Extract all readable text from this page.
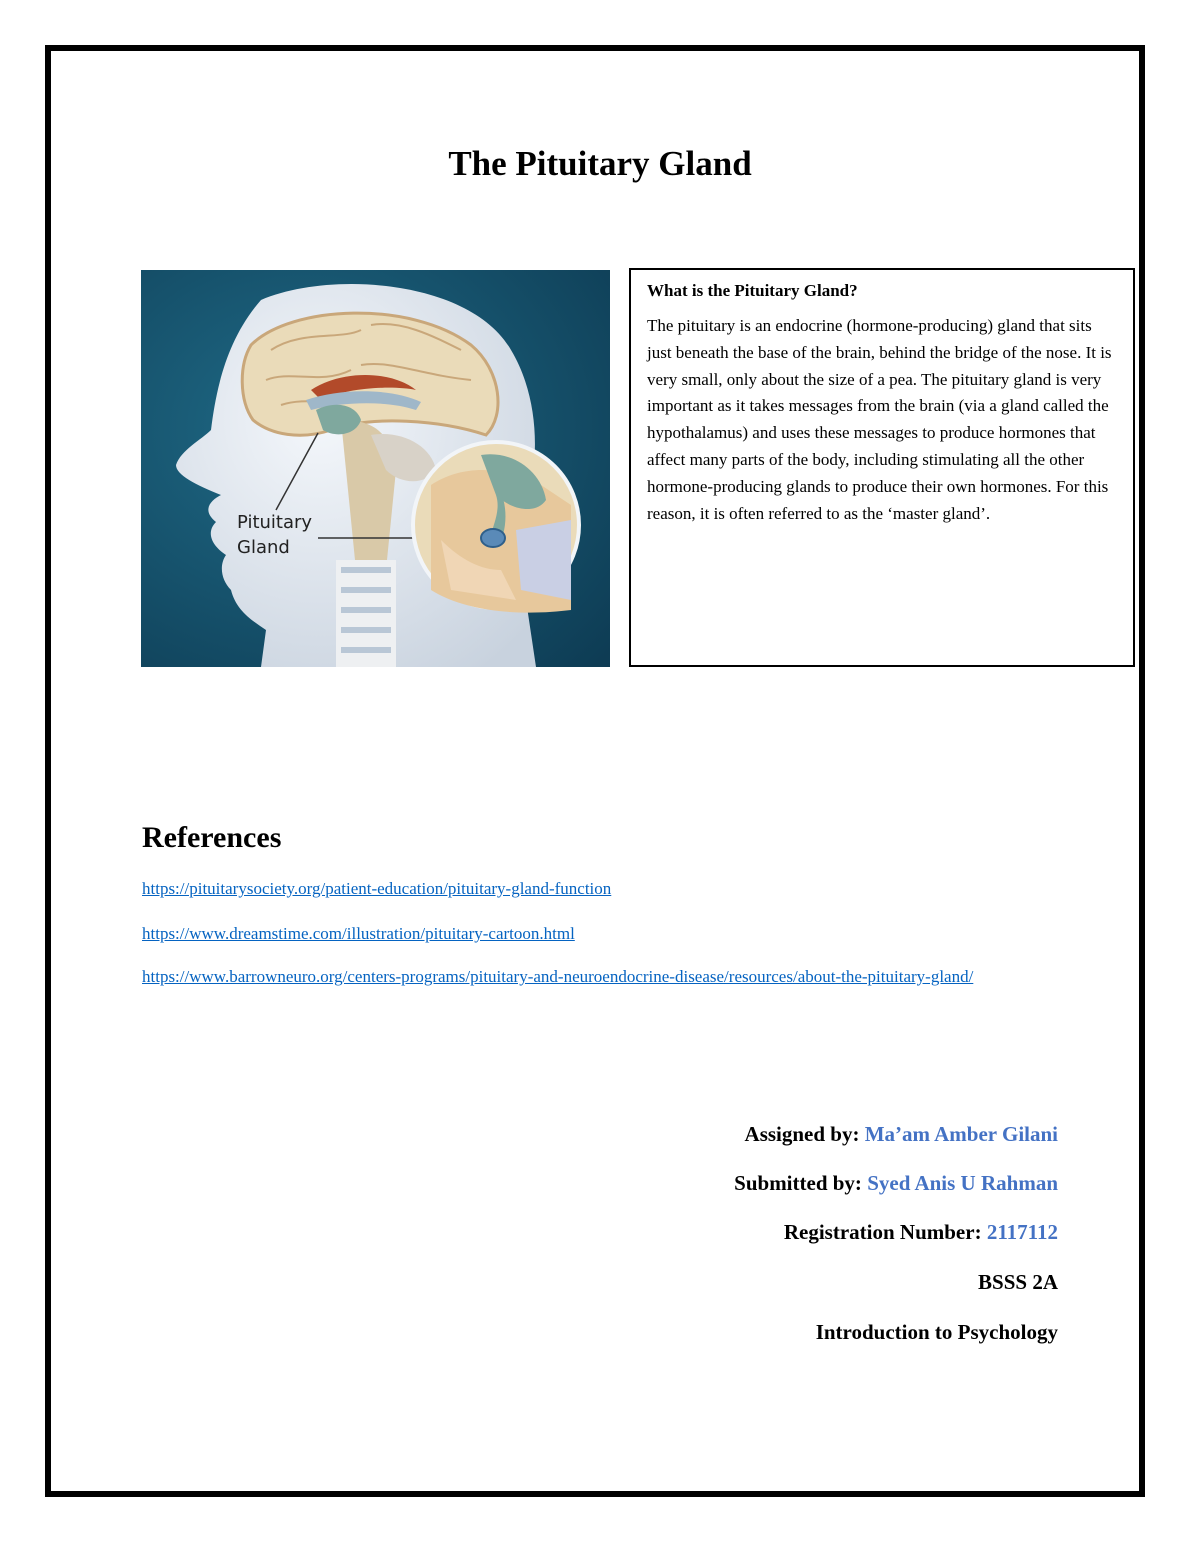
The Pituitary Gland
Pituitary
Gland

What is the Pituitary Gland?

The pituitary is an endocrine (hormone-producing) gland that sits just beneath the base of the brain, behind the bridge of the nose. It is very small, only about the size of a pea. The pituitary gland is very important as it takes messages from the brain (via a gland called the hypothalamus) and uses these messages to produce hormones that affect many parts of the body, including stimulating all the other hormone-producing glands to produce their own hormones. For this reason, it is often referred to as the ‘master gland’.

References
https://pituitarysociety.org/patient-education/pituitary-gland-function
https://www.dreamstime.com/illustration/pituitary-cartoon.html
https://www.barrowneuro.org/centers-programs/pituitary-and-neuroendocrine-disease/resources/about-the-pituitary-gland/
Assigned by: Ma’am Amber Gilani
Submitted by: Syed Anis U Rahman
Registration Number: 2117112
BSSS 2A
Introduction to Psychology
